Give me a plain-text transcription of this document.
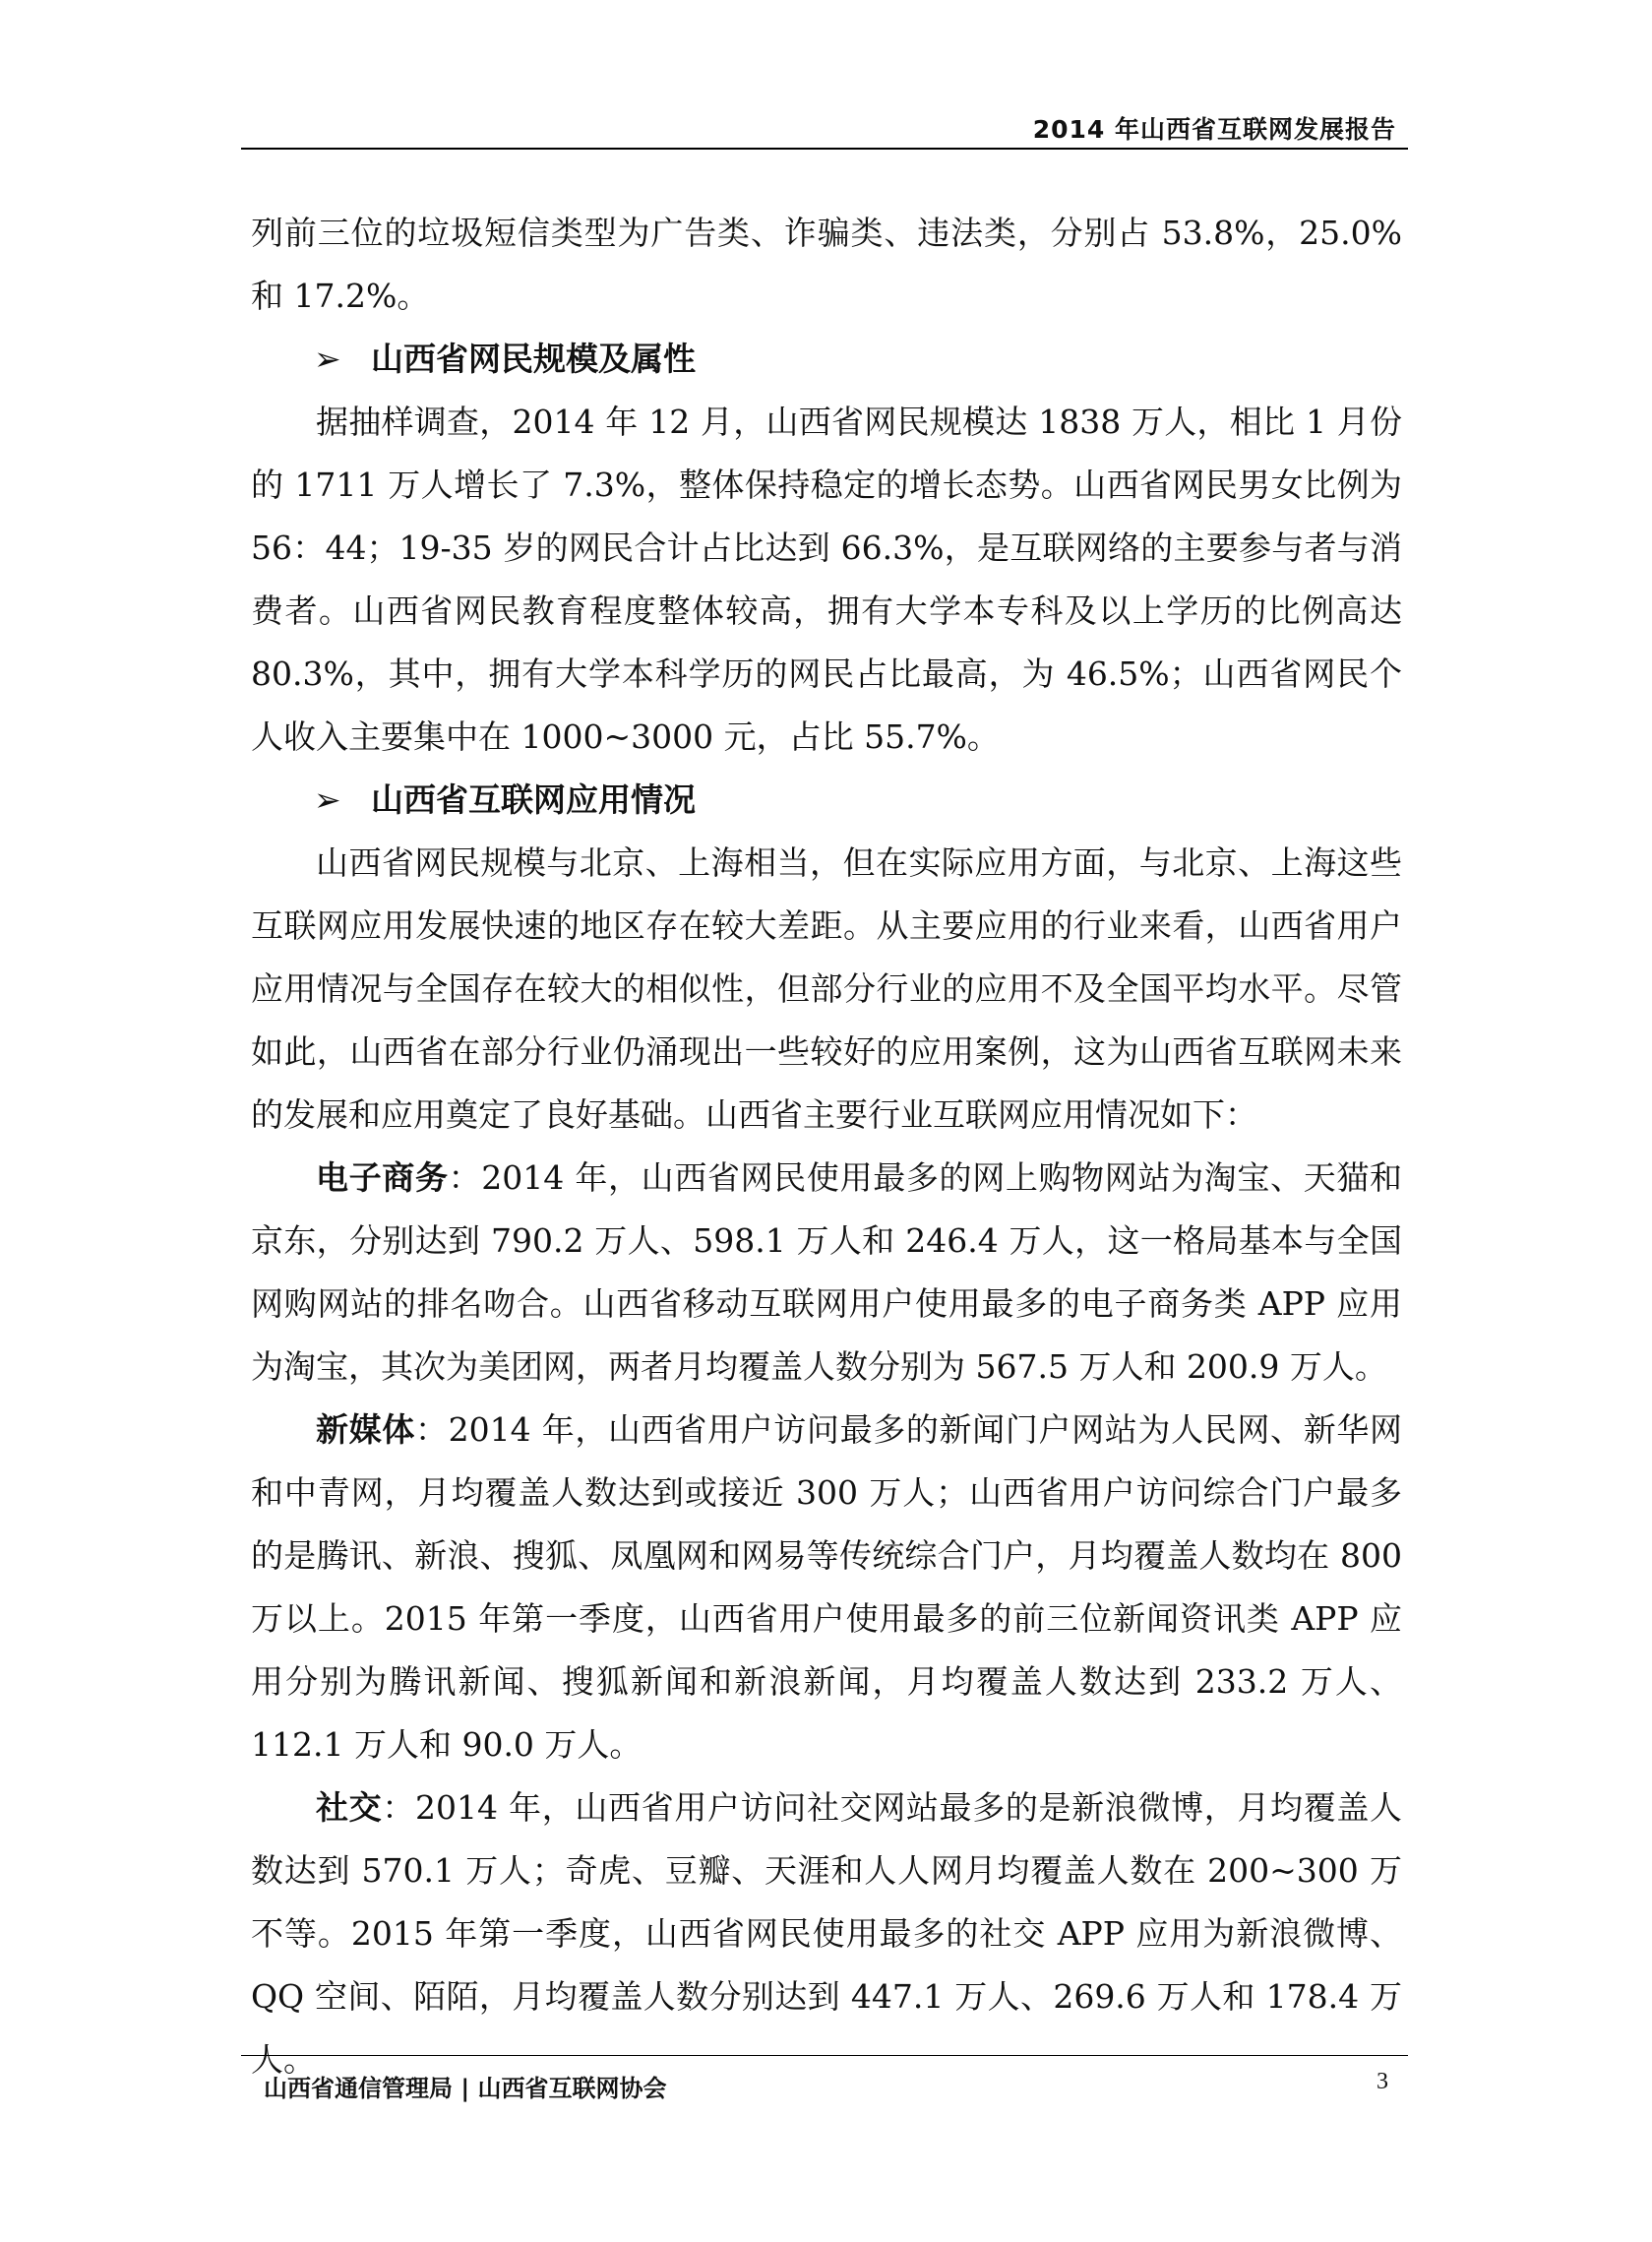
2014 年山西省互联网发展报告

列前三位的垃圾短信类型为广告类、诈骗类、违法类，分别占 53.8%，25.0%和 17.2%。

➢ 山西省网民规模及属性

据抽样调查，2014 年 12 月，山西省网民规模达 1838 万人，相比 1 月份的 1711 万人增长了 7.3%，整体保持稳定的增长态势。山西省网民男女比例为 56：44；19-35 岁的网民合计占比达到 66.3%，是互联网络的主要参与者与消费者。山西省网民教育程度整体较高，拥有大学本专科及以上学历的比例高达 80.3%，其中，拥有大学本科学历的网民占比最高，为 46.5%；山西省网民个人收入主要集中在 1000~3000 元，占比 55.7%。

➢ 山西省互联网应用情况

山西省网民规模与北京、上海相当，但在实际应用方面，与北京、上海这些互联网应用发展快速的地区存在较大差距。从主要应用的行业来看，山西省用户应用情况与全国存在较大的相似性，但部分行业的应用不及全国平均水平。尽管如此，山西省在部分行业仍涌现出一些较好的应用案例，这为山西省互联网未来的发展和应用奠定了良好基础。山西省主要行业互联网应用情况如下：

电子商务：2014 年，山西省网民使用最多的网上购物网站为淘宝、天猫和京东，分别达到 790.2 万人、598.1 万人和 246.4 万人，这一格局基本与全国网购网站的排名吻合。山西省移动互联网用户使用最多的电子商务类 APP 应用为淘宝，其次为美团网，两者月均覆盖人数分别为 567.5 万人和 200.9 万人。

新媒体：2014 年，山西省用户访问最多的新闻门户网站为人民网、新华网和中青网，月均覆盖人数达到或接近 300 万人；山西省用户访问综合门户最多的是腾讯、新浪、搜狐、凤凰网和网易等传统综合门户，月均覆盖人数均在 800 万以上。2015 年第一季度，山西省用户使用最多的前三位新闻资讯类 APP 应用分别为腾讯新闻、搜狐新闻和新浪新闻，月均覆盖人数达到 233.2 万人、112.1 万人和 90.0 万人。

社交：2014 年，山西省用户访问社交网站最多的是新浪微博，月均覆盖人数达到 570.1 万人；奇虎、豆瓣、天涯和人人网月均覆盖人数在 200~300 万不等。2015 年第一季度，山西省网民使用最多的社交 APP 应用为新浪微博、QQ 空间、陌陌，月均覆盖人数分别达到 447.1 万人、269.6 万人和 178.4 万人。

山西省通信管理局 | 山西省互联网协会	3
